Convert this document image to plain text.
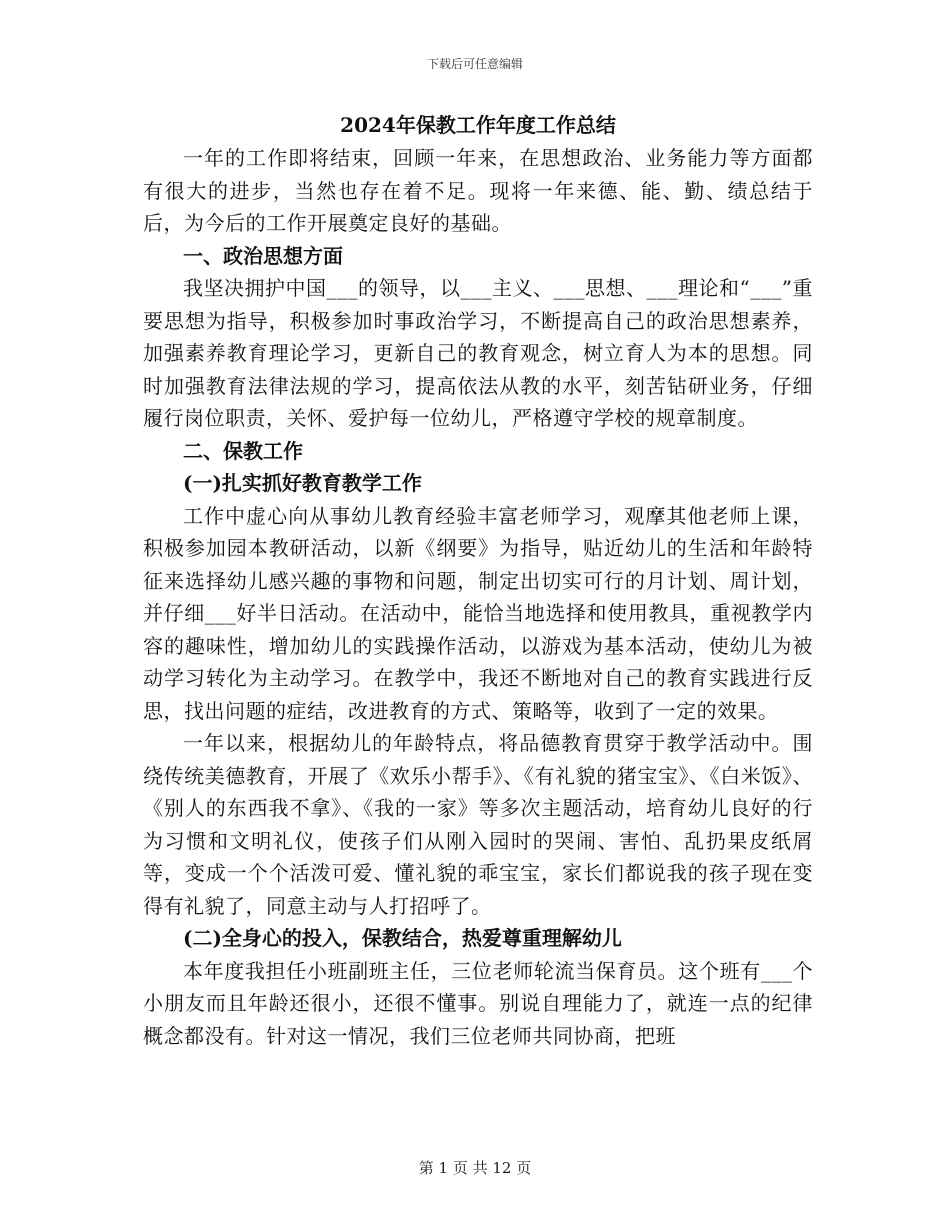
下载后可任意编辑

2024年保教工作年度工作总结

一年的工作即将结束，回顾一年来，在思想政治、业务能力等方面都有很大的进步，当然也存在着不足。现将一年来德、能、勤、绩总结于后，为今后的工作开展奠定良好的基础。

一、政治思想方面

我坚决拥护中国___的领导，以___主义、___思想、___理论和“___”重要思想为指导，积极参加时事政治学习，不断提高自己的政治思想素养，加强素养教育理论学习，更新自己的教育观念，树立育人为本的思想。同时加强教育法律法规的学习，提高依法从教的水平，刻苦钻研业务，仔细履行岗位职责，关怀、爱护每一位幼儿，严格遵守学校的规章制度。

二、保教工作

(一)扎实抓好教育教学工作

工作中虚心向从事幼儿教育经验丰富老师学习，观摩其他老师上课，积极参加园本教研活动，以新《纲要》为指导，贴近幼儿的生活和年龄特征来选择幼儿感兴趣的事物和问题，制定出切实可行的月计划、周计划，并仔细___好半日活动。在活动中，能恰当地选择和使用教具，重视教学内容的趣味性，增加幼儿的实践操作活动，以游戏为基本活动，使幼儿为被动学习转化为主动学习。在教学中，我还不断地对自己的教育实践进行反思，找出问题的症结，改进教育的方式、策略等，收到了一定的效果。

一年以来，根据幼儿的年龄特点，将品德教育贯穿于教学活动中。围绕传统美德教育，开展了《欢乐小帮手》、《有礼貌的猪宝宝》、《白米饭》、《别人的东西我不拿》、《我的一家》等多次主题活动，培育幼儿良好的行为习惯和文明礼仪，使孩子们从刚入园时的哭闹、害怕、乱扔果皮纸屑等，变成一个个活泼可爱、懂礼貌的乖宝宝，家长们都说我的孩子现在变得有礼貌了，同意主动与人打招呼了。

(二)全身心的投入，保教结合，热爱尊重理解幼儿

本年度我担任小班副班主任，三位老师轮流当保育员。这个班有___个小朋友而且年龄还很小，还很不懂事。别说自理能力了，就连一点的纪律概念都没有。针对这一情况，我们三位老师共同协商，把班

第 1 页 共 12 页
